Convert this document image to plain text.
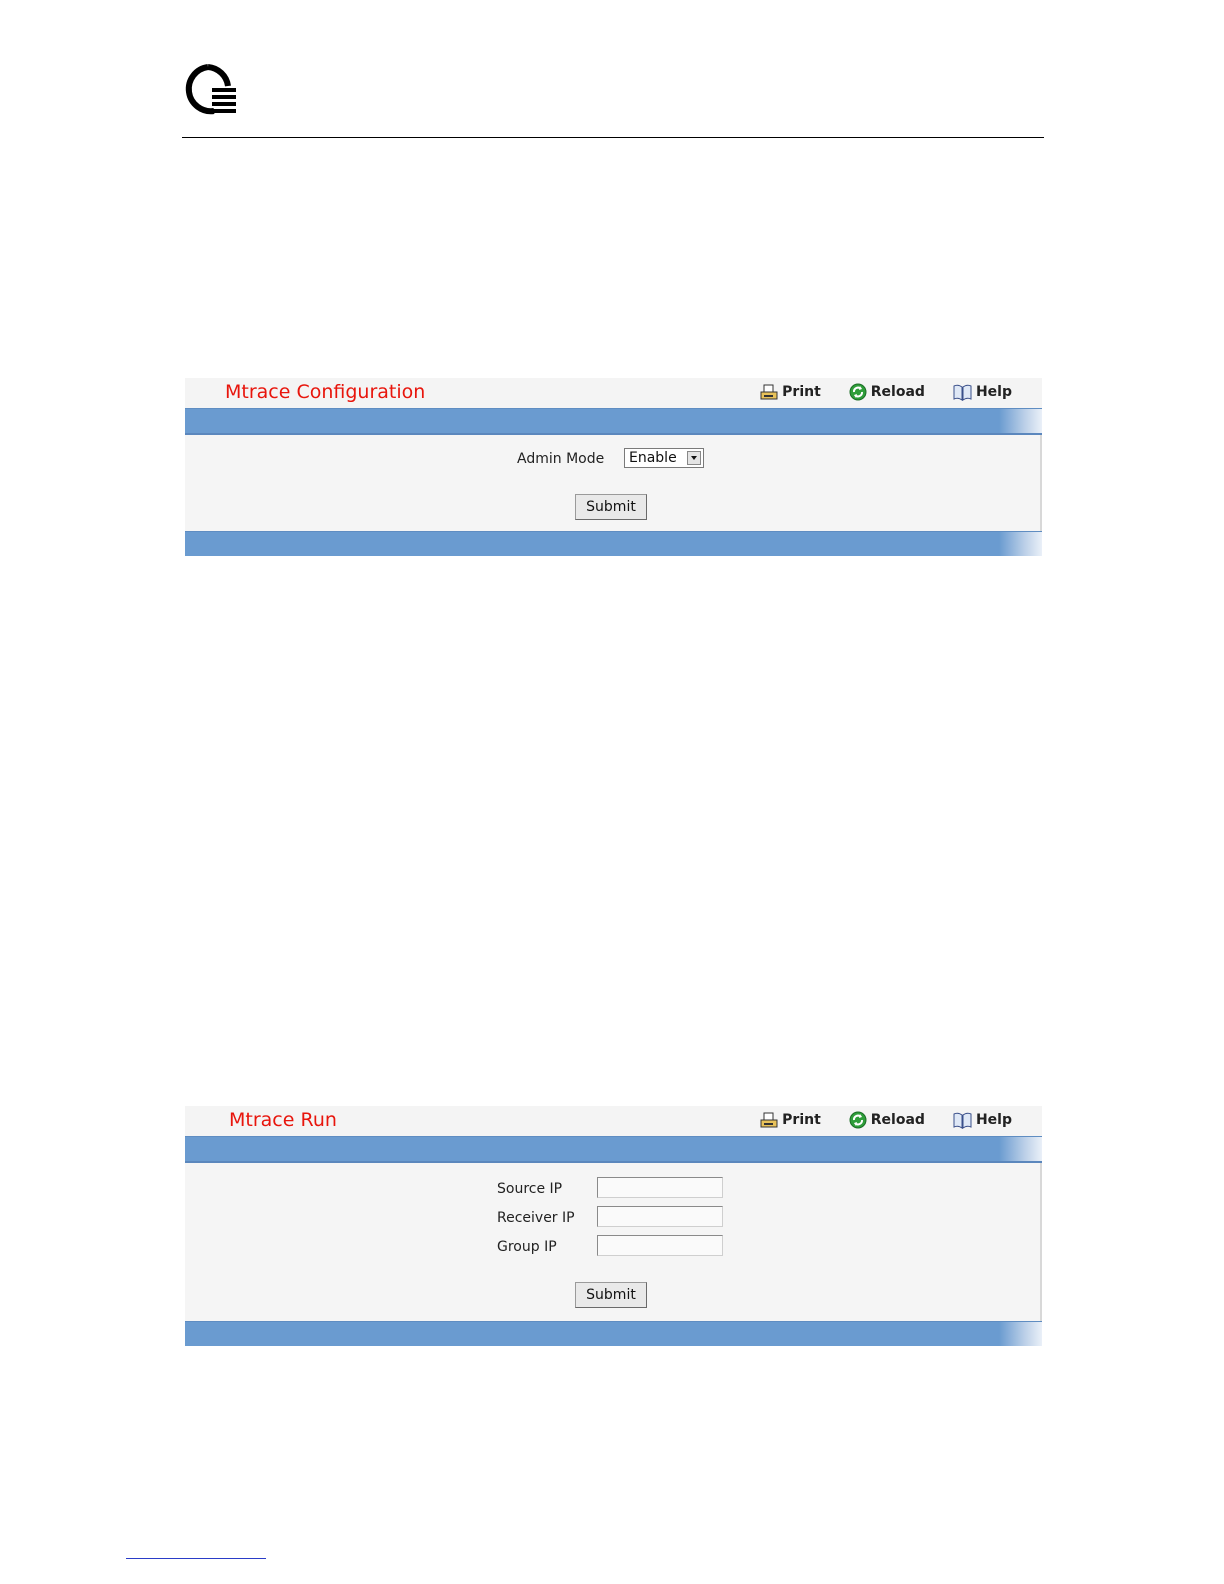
Mtrace Configuration	Print	Reload	Help
Admin Mode Enable
Submit
Mtrace Run	Print	Reload	Help
Source IP
Receiver IP
Group IP
Submit
